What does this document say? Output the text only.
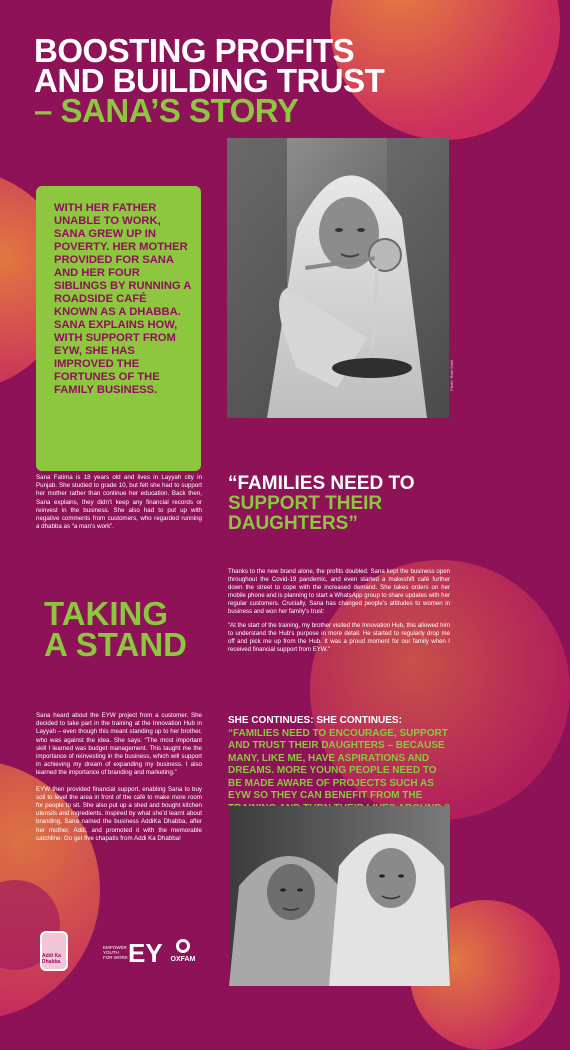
BOOSTING PROFITS
AND BUILDING TRUST
– SANA’S STORY

WITH HER FATHER UNABLE TO WORK, SANA GREW UP IN POVERTY. HER MOTHER PROVIDED FOR SANA AND HER FOUR SIBLINGS BY RUNNING A ROADSIDE CAFÉ KNOWN AS A DHABBA. SANA EXPLAINS HOW, WITH SUPPORT FROM EYW, SHE HAS IMPROVED THE FORTUNES OF THE FAMILY BUSINESS.	Photo: Rabi Sohil

Sana Fatima is 18 years old and lives in Layyah city in Punjab. She studied to grade 10, but felt she had to support her mother rather than continue her education. Back then, Sana explains, they didn’t keep any financial records or reinvest in the business. She also had to put up with negative comments from customers, who regarded running a dhabba as “a man’s work”.

“FAMILIES NEED TO
SUPPORT THEIR DAUGHTERS”

Thanks to the new brand alone, the profits doubled. Sana kept the business open throughout the Covid-19 pandemic, and even started a makeshift café further down the street to cope with the increased demand. She takes orders on her mobile phone and is planning to start a WhatsApp group to share updates with her regular customers. Crucially, Sana has changed people’s attitudes to women in business and won her family’s trust:

“At the start of the training, my brother visited the Innovation Hub, this allowed him to understand the Hub’s purpose in more detail. He started to regularly drop me off and pick me up from the Hub. It was a proud moment for our family when I received financial support from EYW.”

TAKING
A STAND

Sana heard about the EYW project from a customer. She decided to take part in the training at the Innovation Hub in Layyah – even though this meant standing up to her brother, who was against the idea. She says: “The most important skill I learned was budget management. This taught me the importance of reinvesting in the business, which will support in achieving my dream of expanding my business. I also learned the importance of branding and marketing.”

EYW then provided financial support, enabling Sana to buy soil to level the area in front of the café to make more room for people to sit. She also put up a shed and bought kitchen utensils and ingredients. Inspired by what she’d learnt about branding, Sana named the business AddiKa Dhabba, after her mother, Addi, and promoted it with the memorable catchline: Go get five chapatis from Addi Ka Dhabba!

SHE CONTINUES: SHE CONTINUES: “FAMILIES NEED TO ENCOURAGE, SUPPORT AND TRUST THEIR DAUGHTERS – BECAUSE MANY, LIKE ME, HAVE ASPIRATIONS AND DREAMS. MORE YOUNG PEOPLE NEED TO BE MADE AWARE OF PROJECTS SUCH AS EYW SO THEY CAN BENEFIT FROM THE
Addi Ka Dhabba
EMPOWER YOUTH FOR WORK EY	OXFAM
